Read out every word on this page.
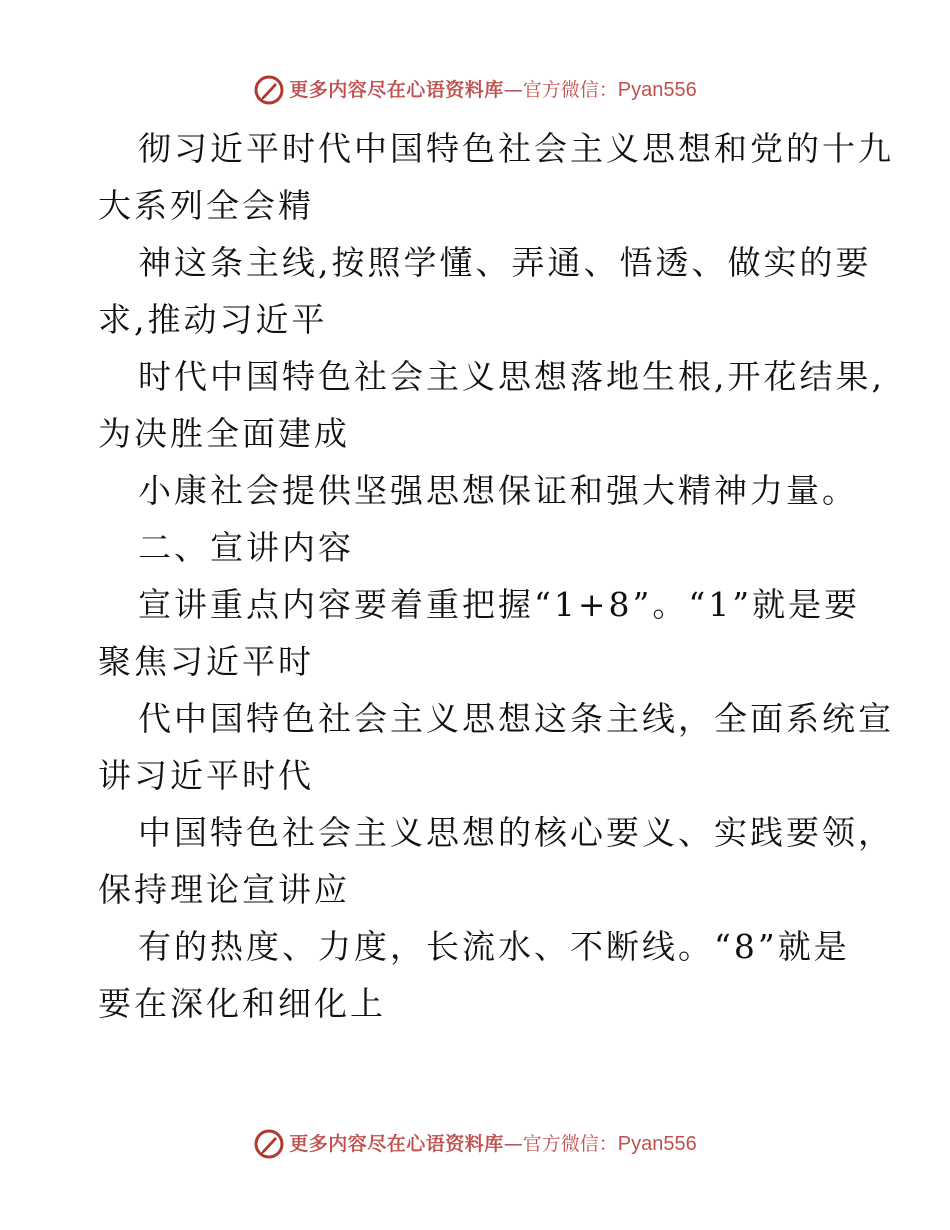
更多内容尽在心语资料库 — 官方微信： Pyan556

彻习近平时代中国特色社会主义思想和党的十九

大系列全会精

神这条主线,按照学懂、弄通、悟透、做实的要

求,推动习近平

时代中国特色社会主义思想落地生根,开花结果,

为决胜全面建成

小康社会提供坚强思想保证和强大精神力量。

二、宣讲内容

宣讲重点内容要着重把握“1+8”。“1”就是要

聚焦习近平时

代中国特色社会主义思想这条主线，全面系统宣

讲习近平时代

中国特色社会主义思想的核心要义、实践要领，

保持理论宣讲应

有的热度、力度，长流水、不断线。“8”就是

要在深化和细化上

更多内容尽在心语资料库 — 官方微信： Pyan556
